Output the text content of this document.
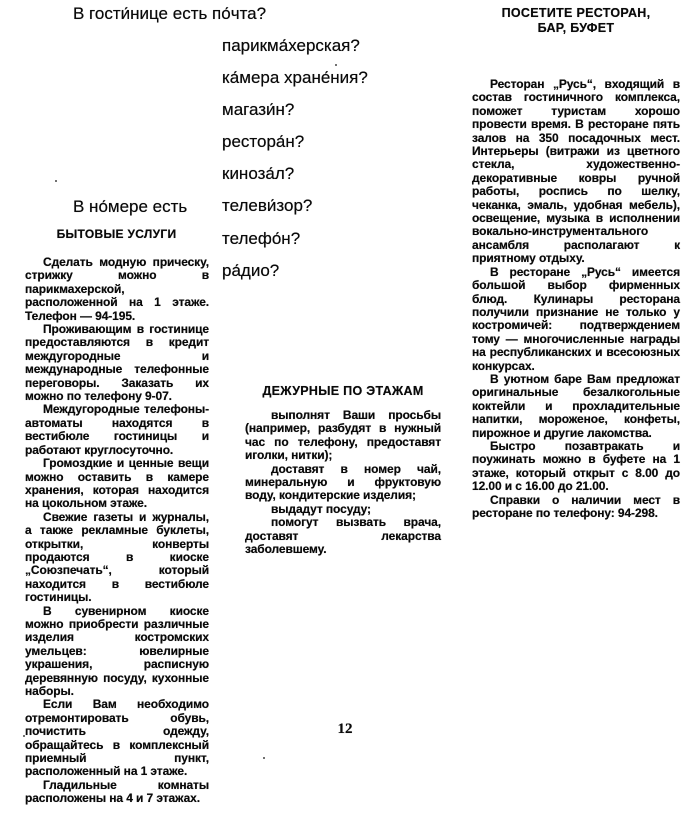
В гости́нице есть по́чта?
парикма́херская?
ка́мера хране́ния?
магази́н?
рестора́н?
киноза́л?
телеви́зор?
телефо́н?
ра́дио?
В но́мере есть
БЫТОВЫЕ УСЛУГИ

Сделать модную прическу, стрижку можно в парикмахерской, расположенной на 1 этаже. Телефон — 94-195.

Проживающим в гостинице предоставляются в кредит междугородные и международные телефонные переговоры. Заказать их можно по телефону 9-07.

Междугородные телефоны-автоматы находятся в вестибюле гостиницы и работают круглосуточно.

Громоздкие и ценные вещи можно оставить в камере хранения, которая находится на цокольном этаже.

Свежие газеты и журналы, а также рекламные буклеты, открытки, конверты продаются в киоске „Союзпечать“, который находится в вестибюле гостиницы.

В сувенирном киоске можно приобрести различные изделия костромских умельцев: ювелирные украшения, расписную деревянную посуду, кухонные наборы.

Если Вам необходимо отремонтировать обувь, почистить одежду, обращайтесь в комплексный приемный пункт, расположенный на 1 этаже.

Гладильные комнаты расположены на 4 и 7 этажах.

ДЕЖУРНЫЕ ПО ЭТАЖАМ

выполнят Ваши просьбы (например, разбудят в нужный час по телефону, предоставят иголки, нитки);

доставят в номер чай, минеральную и фруктовую воду, кондитерские изделия;

выдадут посуду;

помогут вызвать врача, доставят лекарства заболевшему.

ПОСЕТИТЕ РЕСТОРАН,
БАР, БУФЕТ

Ресторан „Русь“, входящий в состав гостиничного комплекса, поможет туристам хорошо провести время. В ресторане пять залов на 350 посадочных мест. Интерьеры (витражи из цветного стекла, художественно-декоративные ковры ручной работы, роспись по шелку, чеканка, эмаль, удобная мебель), освещение, музыка в исполнении вокально-инструментального ансамбля располагают к приятному отдыху.

В ресторане „Русь“ имеется большой выбор фирменных блюд. Кулинары ресторана получили признание не только у костромичей: подтверждением тому — многочисленные награды на республиканских и всесоюзных конкурсах.

В уютном баре Вам предложат оригинальные безалкогольные коктейли и прохладительные напитки, мороженое, конфеты, пирожное и другие лакомства.

Быстро позавтракать и поужинать можно в буфете на 1 этаже, который открыт с 8.00 до 12.00 и с 16.00 до 21.00.

Справки о наличии мест в ресторане по телефону: 94-298.

12
